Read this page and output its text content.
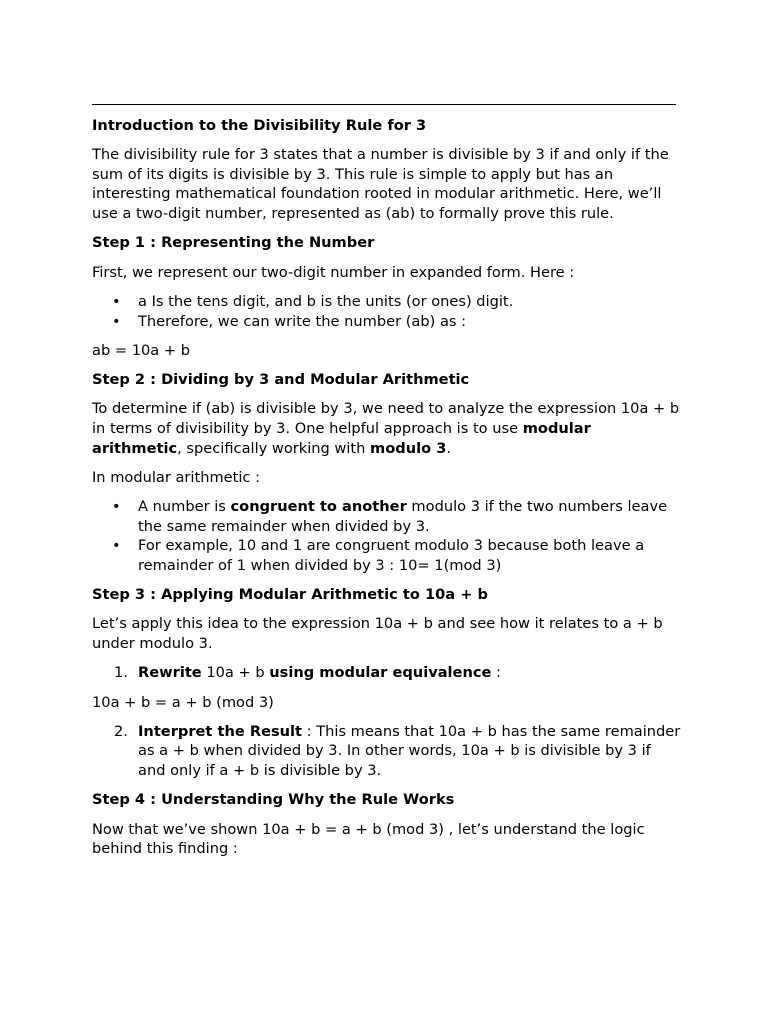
Introduction to the Divisibility Rule for 3

The divisibility rule for 3 states that a number is divisible by 3 if and only if the sum of its digits is divisible by 3. This rule is simple to apply but has an interesting mathematical foundation rooted in modular arithmetic. Here, we’ll use a two-digit number, represented as (ab) to formally prove this rule.

Step 1 : Representing the Number

First, we represent our two-digit number in expanded form. Here :

• a Is the tens digit, and b is the units (or ones) digit.
• Therefore, we can write the number (ab) as :

ab = 10a + b

Step 2 : Dividing by 3 and Modular Arithmetic

To determine if (ab) is divisible by 3, we need to analyze the expression 10a + b in terms of divisibility by 3. One helpful approach is to use modular arithmetic, specifically working with modulo 3.

In modular arithmetic :

• A number is congruent to another modulo 3 if the two numbers leave the same remainder when divided by 3.
• For example, 10 and 1 are congruent modulo 3 because both leave a remainder of 1 when divided by 3 : 10= 1(mod 3)
Step 3 : Applying Modular Arithmetic to 10a + b

Let’s apply this idea to the expression 10a + b and see how it relates to a + b under modulo 3.

1. Rewrite 10a + b using modular equivalence :

10a + b = a + b (mod 3)

2. Interpret the Result : This means that 10a + b has the same remainder as a + b when divided by 3. In other words, 10a + b is divisible by 3 if and only if a + b is divisible by 3.
Step 4 : Understanding Why the Rule Works

Now that we’ve shown 10a + b = a + b (mod 3) , let’s understand the logic behind this finding :
